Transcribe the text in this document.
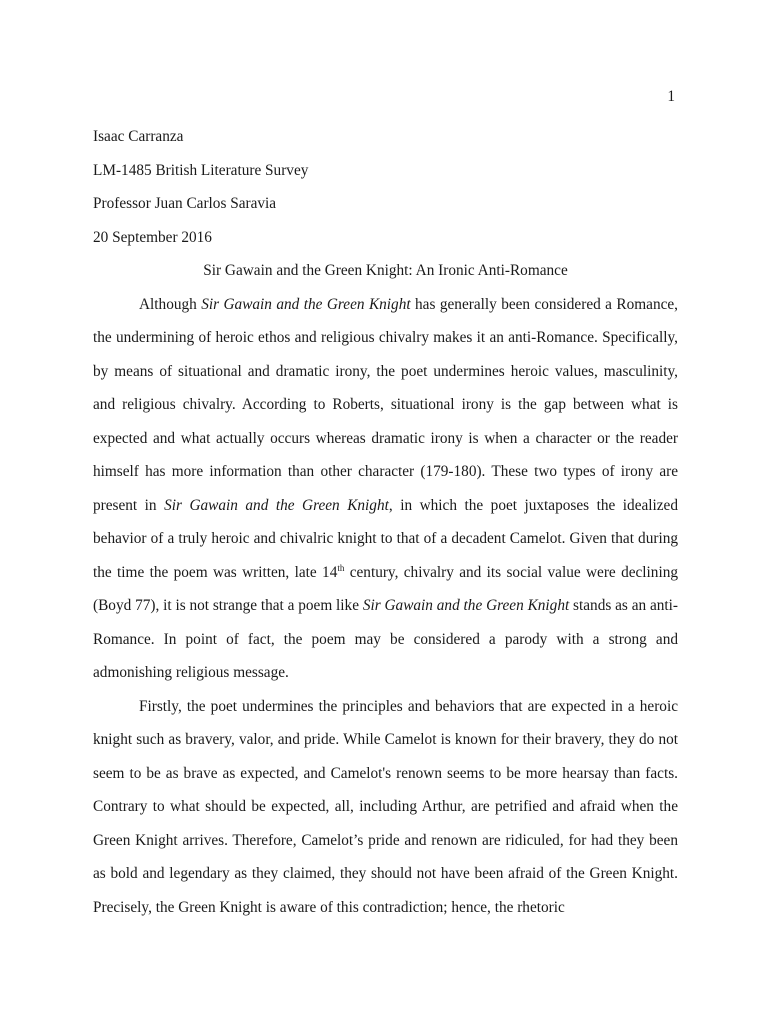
1

Isaac Carranza

LM-1485 British Literature Survey

Professor Juan Carlos Saravia

20 September 2016

Sir Gawain and the Green Knight: An Ironic Anti-Romance

Although Sir Gawain and the Green Knight has generally been considered a Romance, the undermining of heroic ethos and religious chivalry makes it an anti-Romance. Specifically, by means of situational and dramatic irony, the poet undermines heroic values, masculinity, and religious chivalry. According to Roberts, situational irony is the gap between what is expected and what actually occurs whereas dramatic irony is when a character or the reader himself has more information than other character (179-180). These two types of irony are present in Sir Gawain and the Green Knight, in which the poet juxtaposes the idealized behavior of a truly heroic and chivalric knight to that of a decadent Camelot. Given that during the time the poem was written, late 14th century, chivalry and its social value were declining (Boyd 77), it is not strange that a poem like Sir Gawain and the Green Knight stands as an anti-Romance. In point of fact, the poem may be considered a parody with a strong and admonishing religious message.

Firstly, the poet undermines the principles and behaviors that are expected in a heroic knight such as bravery, valor, and pride. While Camelot is known for their bravery, they do not seem to be as brave as expected, and Camelot's renown seems to be more hearsay than facts. Contrary to what should be expected, all, including Arthur, are petrified and afraid when the Green Knight arrives. Therefore, Camelot’s pride and renown are ridiculed, for had they been as bold and legendary as they claimed, they should not have been afraid of the Green Knight. Precisely, the Green Knight is aware of this contradiction; hence, the rhetoric
